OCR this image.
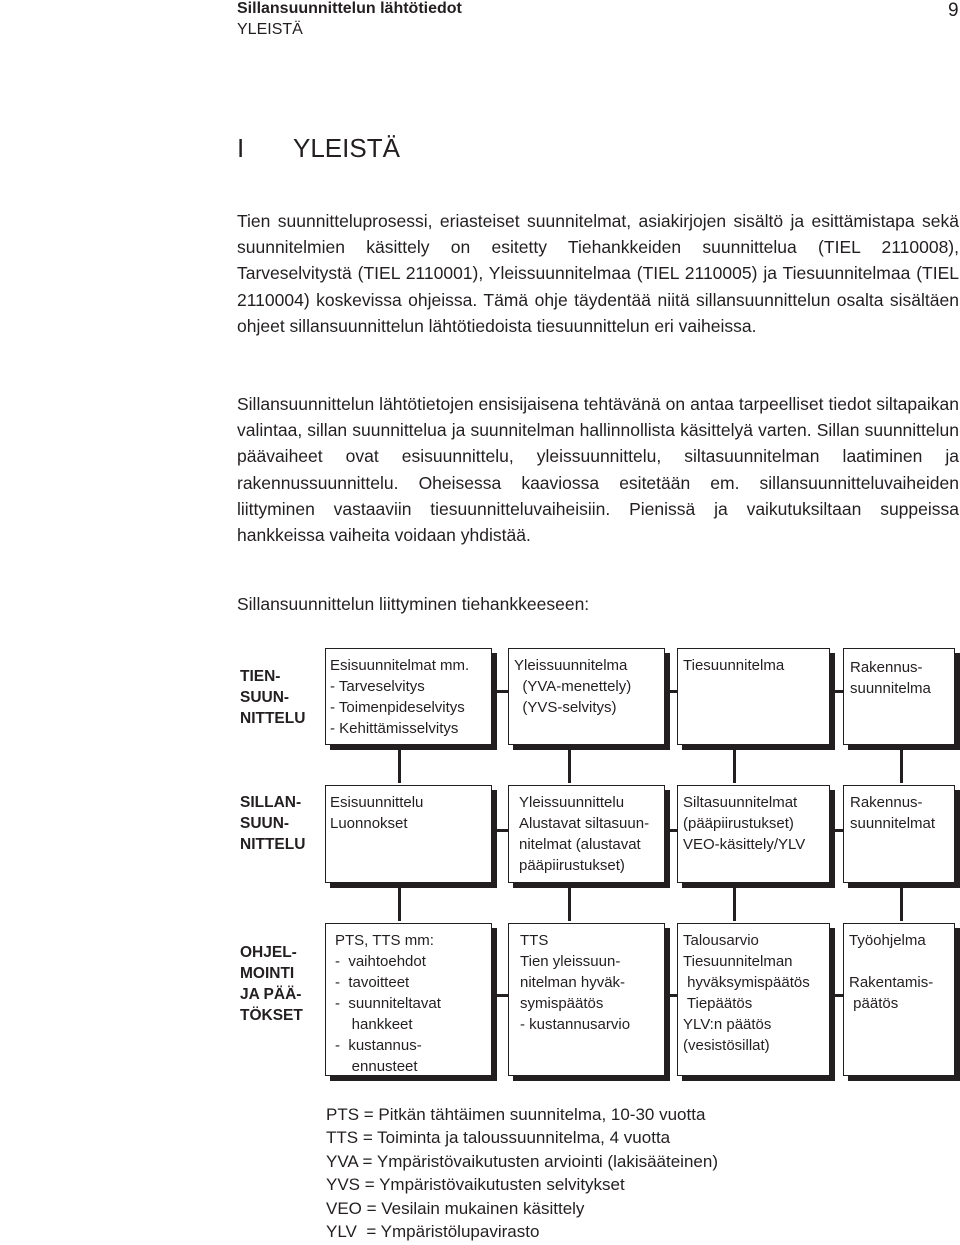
Sillansuunnittelun lähtötiedot
YLEISTÄ
9
I YLEISTÄ

Tien suunnitteluprosessi, eriasteiset suunnitelmat, asiakirjojen sisältö ja esittämistapa sekä suunnitelmien käsittely on esitetty Tiehankkeiden suunnittelua (TIEL 2110008), Tarveselvitystä (TIEL 2110001), Yleissuunnitelmaa (TIEL 2110005) ja Tiesuunnitelmaa (TIEL 2110004) koskevissa ohjeissa. Tämä ohje täydentää niitä sillansuunnittelun osalta sisältäen ohjeet sillansuunnittelun lähtötiedoista tiesuunnittelun eri vaiheissa.

Sillansuunnittelun lähtötietojen ensisijaisena tehtävänä on antaa tarpeelliset tiedot siltapaikan valintaa, sillan suunnittelua ja suunnitelman hallinnollista käsittelyä varten. Sillan suunnittelun päävaiheet ovat esisuunnittelu, yleissuunnittelu, siltasuunnitelman laatiminen ja rakennussuunnittelu. Oheisessa kaaviossa esitetään em. sillansuunnitteluvaiheiden liittyminen vastaaviin tiesuunnitteluvaiheisiin. Pienissä ja vaikutuksiltaan suppeissa hankkeissa vaiheita voidaan yhdistää.

Sillansuunnittelun liittyminen tiehankkeeseen:

TIEN-
SUUN-
NITTELU
SILLAN-
SUUN-
NITTELU
OHJEL-
MOINTI
JA PÄÄ-
TÖKSET
Esisuunnitelmat mm.
- Tarveselvitys
- Toimenpideselvitys
- Kehittämisselvitys
Yleissuunnitelma
(YVA-menettely)
(YVS-selvitys)
Tiesuunnitelma	Rakennus-
suunnitelma
Esisuunnittelu
Luonnokset
Yleissuunnittelu
Alustavat siltasuun-
nitelmat (alustavat
pääpiirustukset)
Siltasuunnitelmat
(pääpiirustukset)
VEO-käsittely/YLV
Rakennus-
suunnitelmat
PTS, TTS mm:
-  vaihtoehdot
-  tavoitteet
-  suunniteltavat
hankkeet
-  kustannus-
ennusteet
TTS
Tien yleissuun-
nitelman hyväk-
symispäätös
- kustannusarvio
Talousarvio
Tiesuunnitelman
hyväksymispäätös
Tiepäätös
YLV:n päätös
(vesistösillat)
Työohjelma

Rakentamis-
päätös
PTS = Pitkän tähtäimen suunnitelma, 10-30 vuotta
TTS = Toiminta ja taloussuunnitelma, 4 vuotta
YVA = Ympäristövaikutusten arviointi (lakisääteinen)
YVS = Ympäristövaikutusten selvitykset
VEO = Vesilain mukainen käsittely
YLV  = Ympäristölupavirasto
